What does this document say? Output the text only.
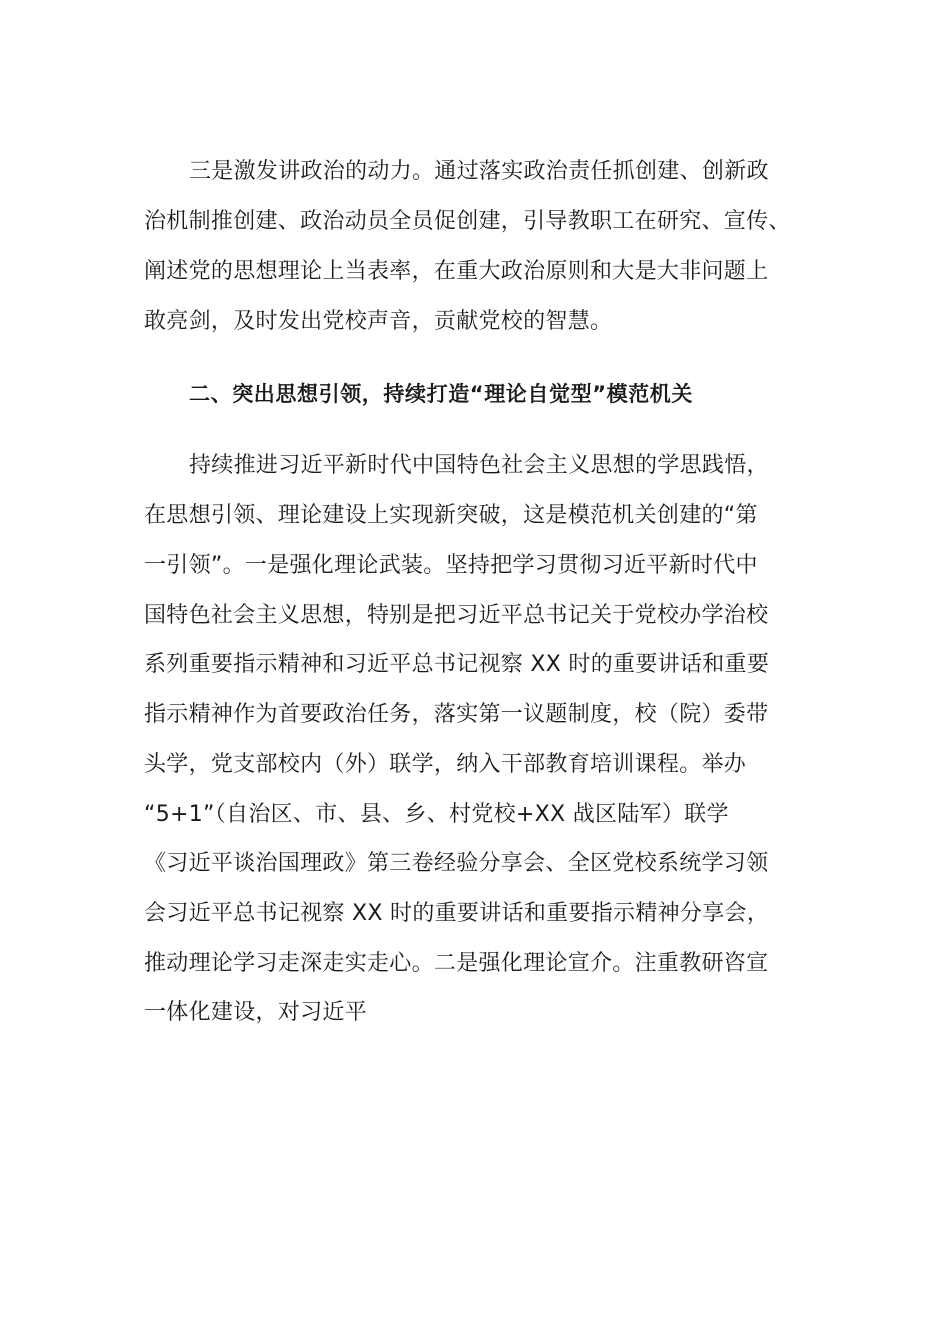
三是激发讲政治的动力。通过落实政治责任抓创建、创新政
治机制推创建、政治动员全员促创建，引导教职工在研究、宣传、
阐述党的思想理论上当表率，在重大政治原则和大是大非问题上
敢亮剑，及时发出党校声音，贡献党校的智慧。
二、突出思想引领，持续打造“理论自觉型”模范机关
持续推进习近平新时代中国特色社会主义思想的学思践悟，
在思想引领、理论建设上实现新突破，这是模范机关创建的“第
一引领”。一是强化理论武装。坚持把学习贯彻习近平新时代中
国特色社会主义思想，特别是把习近平总书记关于党校办学治校
系列重要指示精神和习近平总书记视察 XX 时的重要讲话和重要
指示精神作为首要政治任务，落实第一议题制度，校（院）委带
头学，党支部校内（外）联学，纳入干部教育培训课程。举办
“5+1”（自治区、市、县、乡、村党校+XX 战区陆军）联学
《习近平谈治国理政》第三卷经验分享会、全区党校系统学习领
会习近平总书记视察 XX 时的重要讲话和重要指示精神分享会，
推动理论学习走深走实走心。二是强化理论宣介。注重教研咨宣
一体化建设，对习近平
